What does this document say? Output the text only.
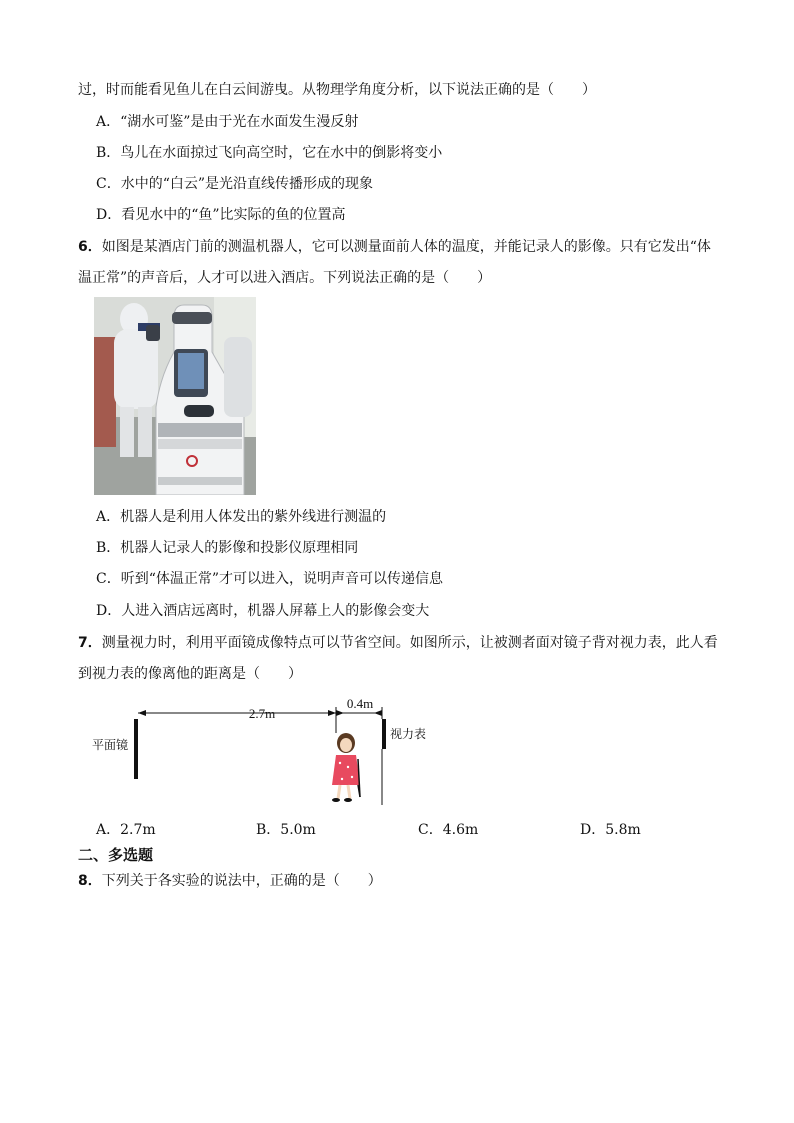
过，时而能看见鱼儿在白云间游曳。从物理学角度分析，以下说法正确的是（　　）
A．“湖水可鉴”是由于光在水面发生漫反射
B．鸟儿在水面掠过飞向高空时，它在水中的倒影将变小
C．水中的“白云”是光沿直线传播形成的现象
D．看见水中的“鱼”比实际的鱼的位置高
6．如图是某酒店门前的测温机器人，它可以测量面前人体的温度，并能记录人的影像。只有它发出“体
温正常”的声音后，人才可以进入酒店。下列说法正确的是（　　）
A．机器人是利用人体发出的紫外线进行测温的
B．机器人记录人的影像和投影仪原理相同
C．听到“体温正常”才可以进入，说明声音可以传递信息
D．人进入酒店远离时，机器人屏幕上人的影像会变大
7．测量视力时，利用平面镜成像特点可以节省空间。如图所示，让被测者面对镜子背对视力表，此人看
到视力表的像离他的距离是（　　）
2.7m
0.4m
平面镜
视力表
A．2.7m	B．5.0m	C．4.6m	D．5.8m
二、多选题
8．下列关于各实验的说法中，正确的是（　　）
